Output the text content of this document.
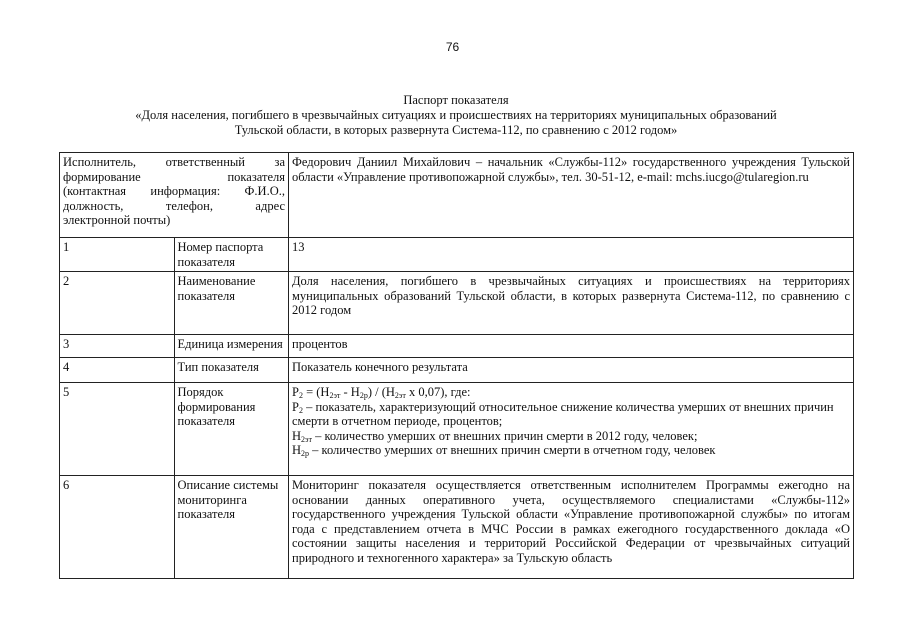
76
Паспорт показателя
«Доля населения, погибшего в чрезвычайных ситуациях и происшествиях на территориях муниципальных образований
Тульской области, в которых развернута Система-112, по сравнению с 2012 годом»
Исполнитель, ответственный за
формирование показателя
(контактная информация: Ф.И.О.,
должность, телефон, адрес
электронной почты)		Федорович Даниил Михайлович – начальник «Службы-112» государственного учреждения Тульской области «Управление противопожарной службы», тел. 30-51-12, e-mail: mchs.iucgo@tularegion.ru
1	Номер паспорта показателя	13
2	Наименование показателя	Доля населения, погибшего в чрезвычайных ситуациях и происшествиях на территориях муниципальных образований Тульской области, в которых развернута Система-112, по сравнению с 2012 годом
3	Единица измерения	процентов
4	Тип показателя	Показатель конечного результата
5	Порядок формирования показателя	$Р_2 = (Н_{2эт} - Н_{2р}) / (Н_{2эт}$ х 0,07), где:
$Р_2$ – показатель, характеризующий относительное снижение количества умерших от внешних причин смерти в отчетном периоде, процентов;
$Н_{2эт}$ – количество умерших от внешних причин смерти в 2012 году, человек;
$Н_{2р}$ – количество умерших от внешних причин смерти в отчетном году, человек

6	Описание системы мониторинга показателя	Мониторинг показателя осуществляется ответственным исполнителем Программы ежегодно на основании данных оперативного учета, осуществляемого специалистами «Службы-112» государственного учреждения Тульской области «Управление противопожарной службы» по итогам года с представлением отчета в МЧС России в рамках ежегодного государственного доклада «О состоянии защиты населения и территорий Российской Федерации от чрезвычайных ситуаций природного и техногенного характера» за Тульскую область
